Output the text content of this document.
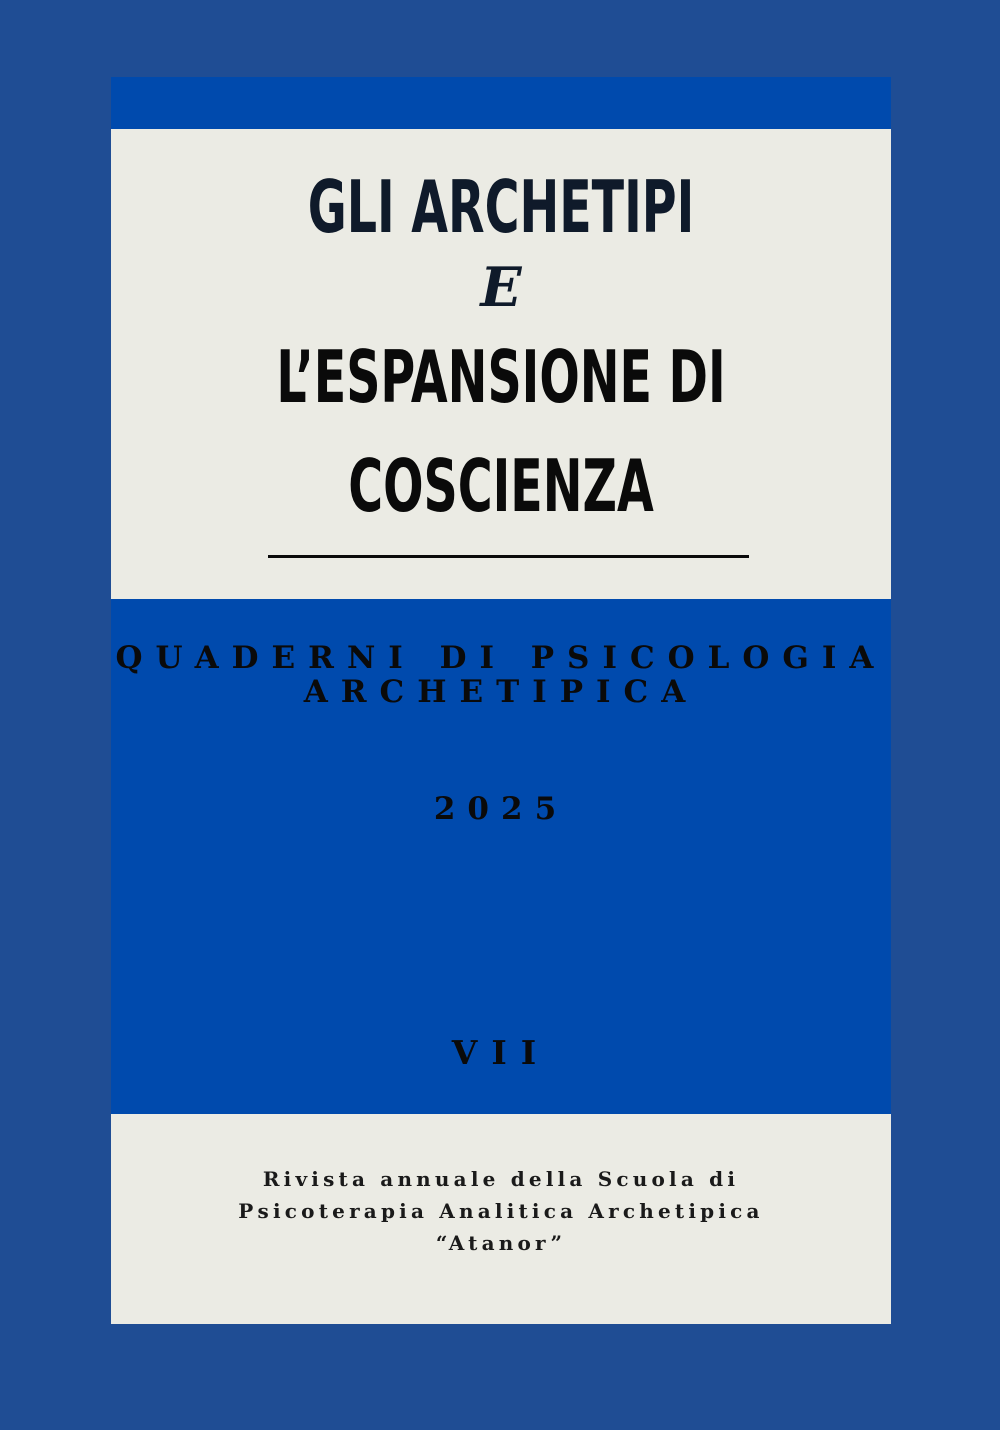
GLI ARCHETIPI
E
L’ESPANSIONE DI
COSCIENZA
QUADERNI DI PSICOLOGIA
ARCHETIPICA
2025
VII
Rivista annuale della Scuola di
Psicoterapia Analitica Archetipica
“Atanor”
